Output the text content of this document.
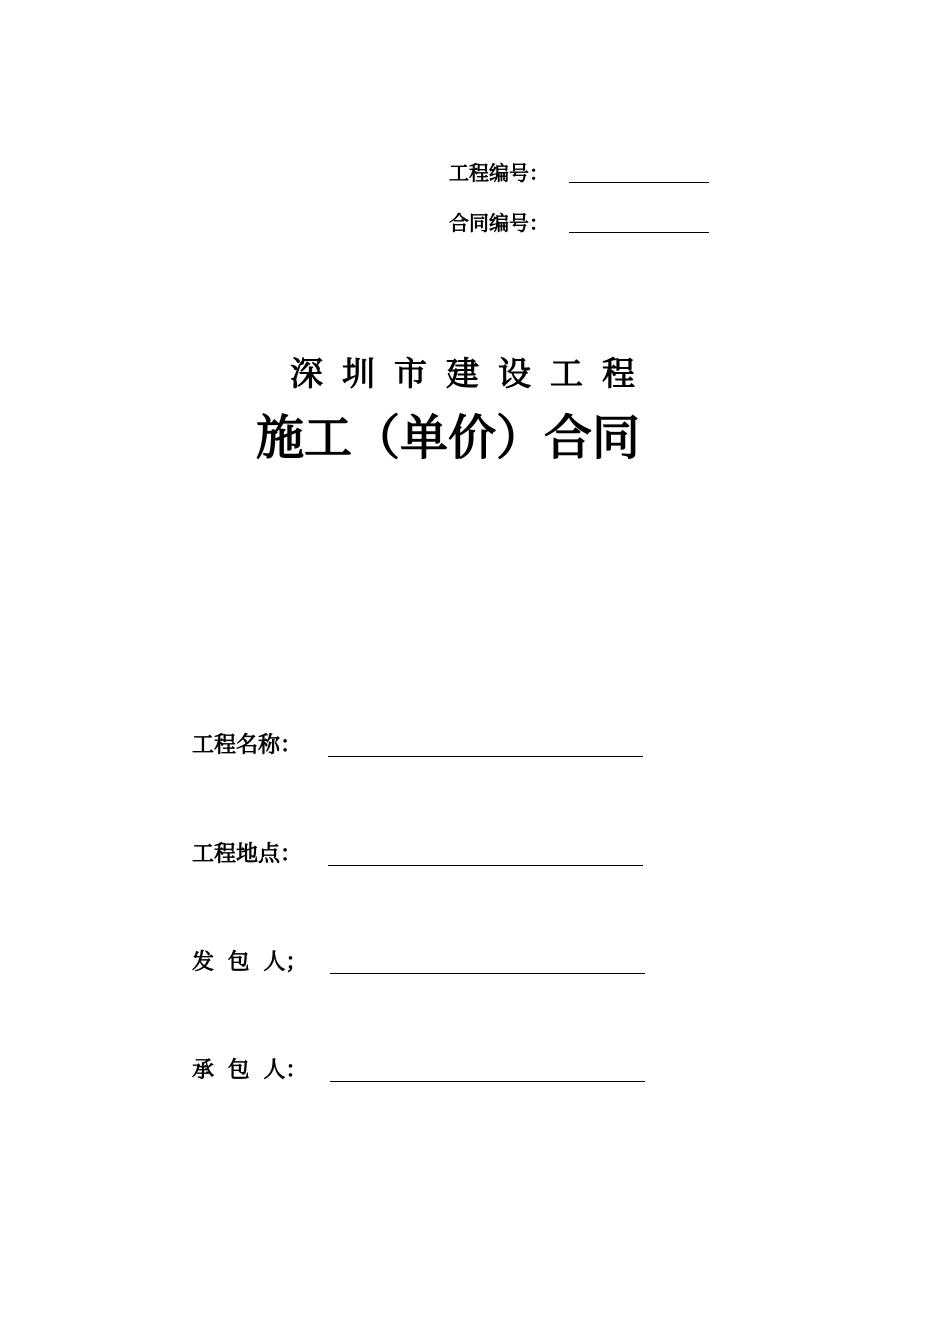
工程编号：
合同编号：
深圳市建设工程
施工（单价）合同
工程名称：
工程地点：
发 包 人；
承 包 人：
